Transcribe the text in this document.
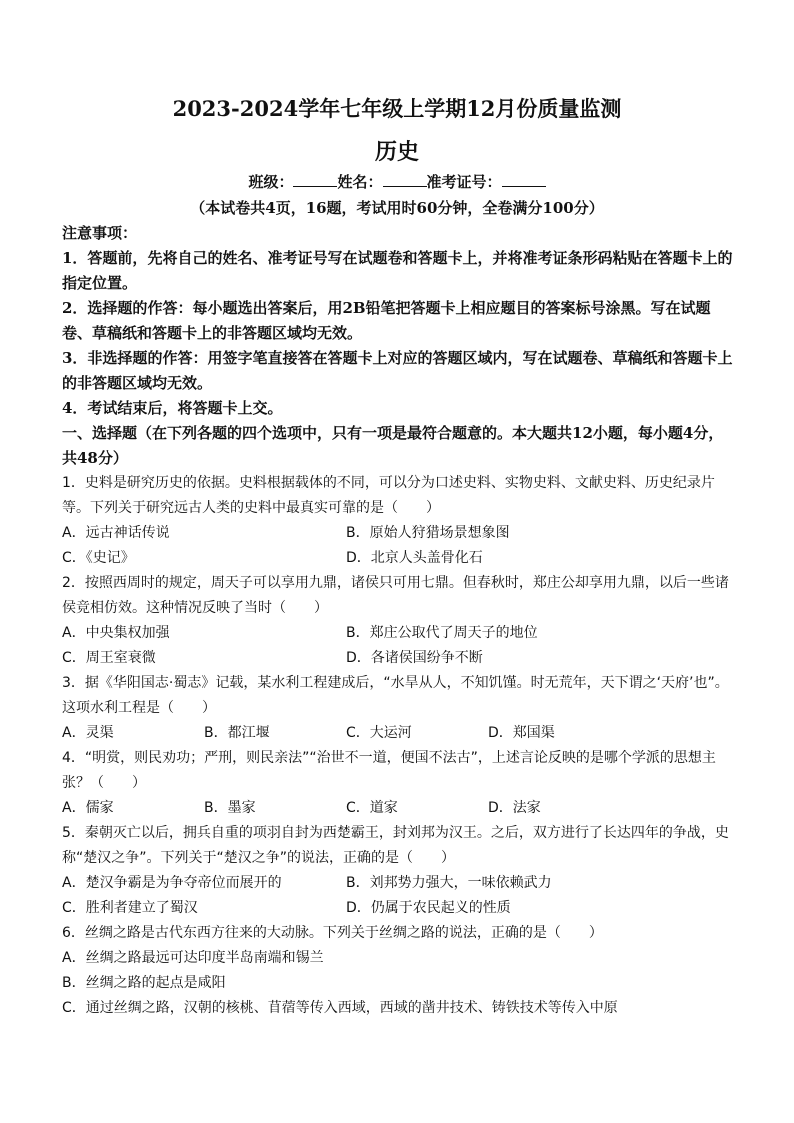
2023-2024学年七年级上学期12月份质量监测
历史
班级：	姓名：	准考证号：
（本试卷共4页，16题，考试用时60分钟，全卷满分100分）

注意事项：

1．答题前，先将自己的姓名、准考证号写在试题卷和答题卡上，并将准考证条形码粘贴在答题卡上的指定位置。

2．选择题的作答：每小题选出答案后，用2B铅笔把答题卡上相应题目的答案标号涂黑。写在试题卷、草稿纸和答题卡上的非答题区域均无效。

3．非选择题的作答：用签字笔直接答在答题卡上对应的答题区域内，写在试题卷、草稿纸和答题卡上的非答题区域均无效。

4．考试结束后，将答题卡上交。

一、选择题（在下列各题的四个选项中，只有一项是最符合题意的。本大题共12小题，每小题4分，共48分）

1．史料是研究历史的依据。史料根据载体的不同，可以分为口述史料、实物史料、文献史料、历史纪录片等。下列关于研究远古人类的史料中最真实可靠的是（　　）

A．远古神话传说	B．原始人狩猎场景想象图
C．《史记》	D．北京人头盖骨化石

2．按照西周时的规定，周天子可以享用九鼎，诸侯只可用七鼎。但春秋时，郑庄公却享用九鼎，以后一些诸侯竞相仿效。这种情况反映了当时（　　）

A．中央集权加强	B．郑庄公取代了周天子的地位
C．周王室衰微	D．各诸侯国纷争不断

3．据《华阳国志·蜀志》记载，某水利工程建成后，“水旱从人，不知饥馑。时无荒年，天下谓之‘天府’也”。这项水利工程是（　　）

A．灵渠	B．都江堰	C．大运河	D．郑国渠

4．“明赏，则民劝功；严刑，则民亲法”“治世不一道，便国不法古”，上述言论反映的是哪个学派的思想主张？（　　）

A．儒家	B．墨家	C．道家	D．法家

5．秦朝灭亡以后，拥兵自重的项羽自封为西楚霸王，封刘邦为汉王。之后，双方进行了长达四年的争战，史称“楚汉之争”。下列关于“楚汉之争”的说法，正确的是（　　）

A．楚汉争霸是为争夺帝位而展开的	B．刘邦势力强大，一味依赖武力
C．胜利者建立了蜀汉	D．仍属于农民起义的性质

6．丝绸之路是古代东西方往来的大动脉。下列关于丝绸之路的说法，正确的是（　　）

A．丝绸之路最远可达印度半岛南端和锡兰

B．丝绸之路的起点是咸阳

C．通过丝绸之路，汉朝的核桃、苜蓿等传入西域，西域的凿井技术、铸铁技术等传入中原
